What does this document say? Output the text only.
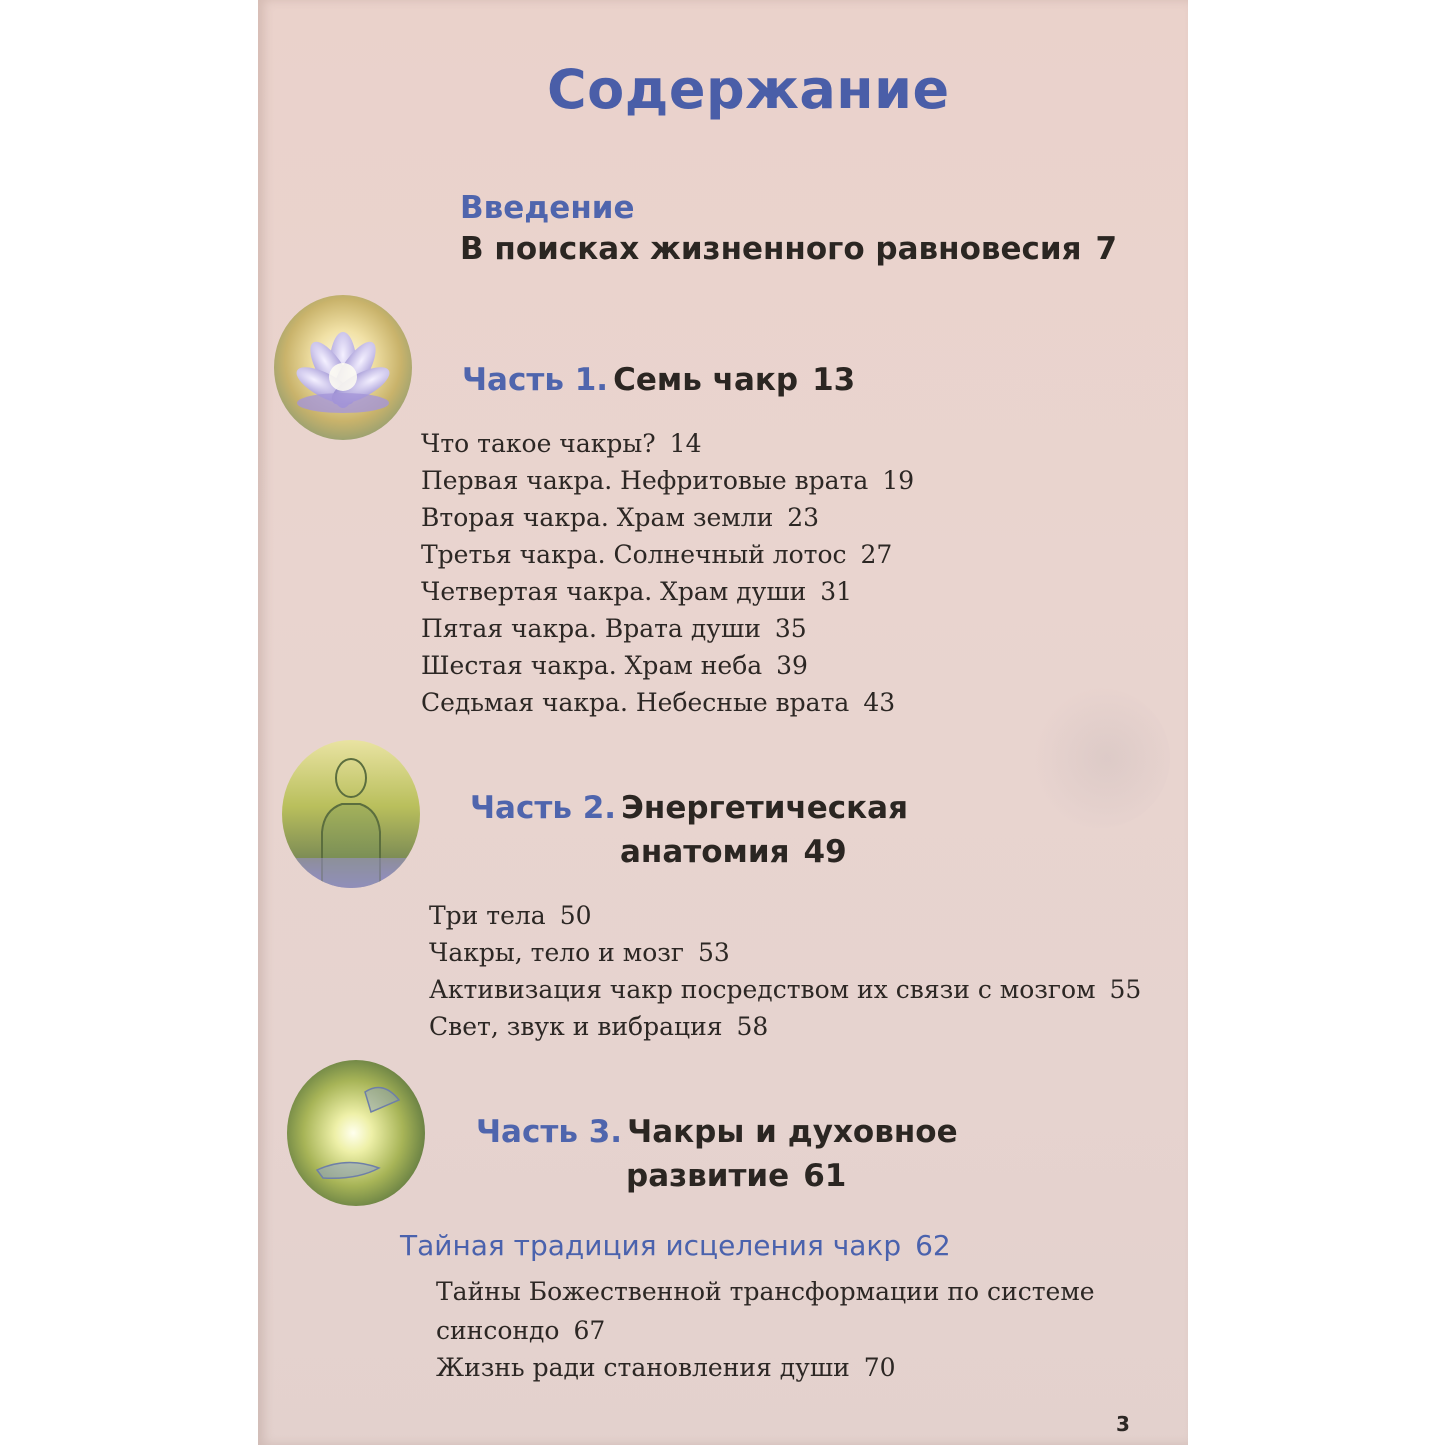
Содержание
Введение
В поисках жизненного равновесия 7
Часть 1. Семь чакр 13
Что такое чакры? 14
Первая чакра. Нефритовые врата 19
Вторая чакра. Храм земли 23
Третья чакра. Солнечный лотос 27
Четвертая чакра. Храм души 31
Пятая чакра. Врата души 35
Шестая чакра. Храм неба 39
Седьмая чакра. Небесные врата 43
Часть 2. Энергетическая
анатомия 49
Три тела 50
Чакры, тело и мозг 53
Активизация чакр посредством их связи с мозгом 55
Свет, звук и вибрация 58
Часть 3. Чакры и духовное
развитие 61
Тайная традиция исцеления чакр 62
Тайны Божественной трансформации по системе
синсондо 67
Жизнь ради становления души 70
3
